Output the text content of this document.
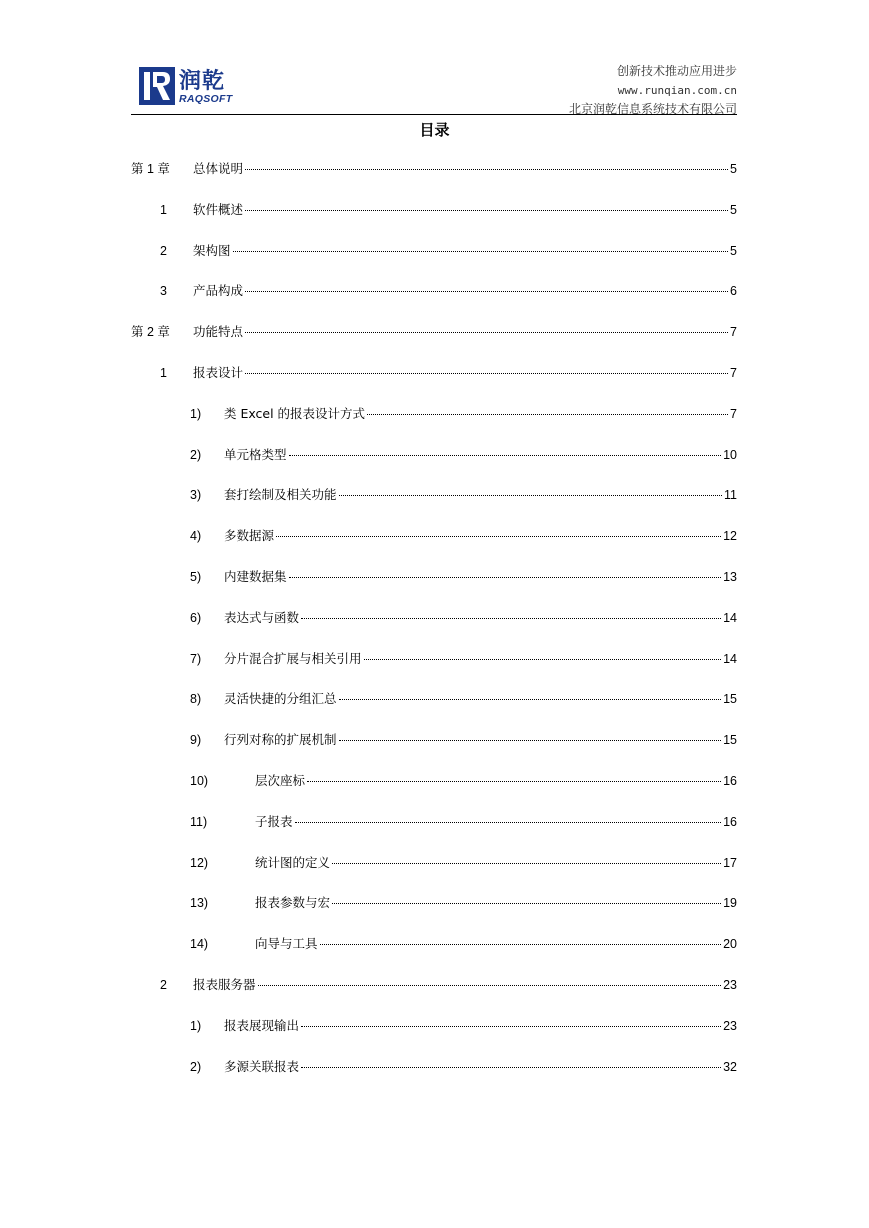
润乾
RAQSOFT
创新技术推动应用进步
www.runqian.com.cn
北京润乾信息系统技术有限公司
目录
第 1 章	总体说明	5
1	软件概述	5
2	架构图	5
3	产品构成	6
第 2 章	功能特点	7
1	报表设计	7
1)	类 Excel 的报表设计方式	7
2)	单元格类型	10
3)	套打绘制及相关功能	11
4)	多数据源	12
5)	内建数据集	13
6)	表达式与函数	14
7)	分片混合扩展与相关引用	14
8)	灵活快捷的分组汇总	15
9)	行列对称的扩展机制	15
10)	层次座标	16
11)	子报表	16
12)	统计图的定义	17
13)	报表参数与宏	19
14)	向导与工具	20
2	报表服务器	23
1)	报表展现输出	23
2)	多源关联报表	32
